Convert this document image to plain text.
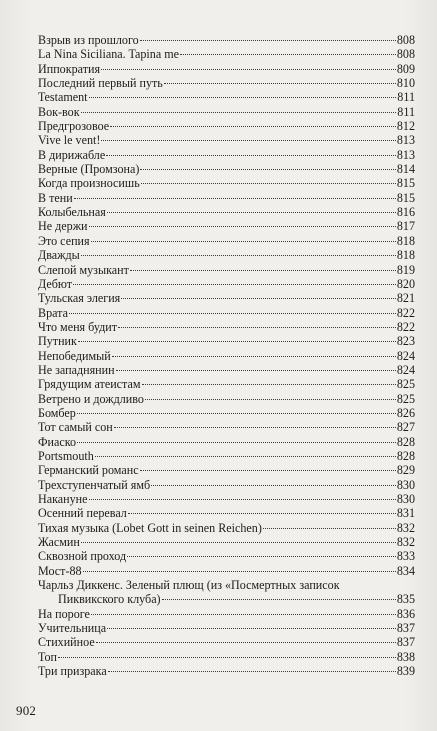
Взрыв из прошлого	808
La Nina Siciliana. Tapina me	808
Иппократия	809
Последний первый путь	810
Testament	811
Вок-вок	811
Предгрозовое	812
Vive le vent!	813
В дирижабле	813
Верные (Промзона)	814
Когда произносишь	815
В тени	815
Колыбельная	816
Не держи	817
Это сепия	818
Дважды	818
Слепой музыкант	819
Дебют	820
Тульская элегия	821
Врата	822
Что меня будит	822
Путник	823
Непобедимый	824
Не западнянин	824
Грядущим атеистам	825
Ветрено и дождливо	825
Бомбер	826
Тот самый сон	827
Фиаско	828
Portsmouth	828
Германский романс	829
Трехступенчатый ямб	830
Накануне	830
Осенний перевал	831
Тихая музыка (Lobet Gott in seinen Reichen)	832
Жасмин	832
Сквозной проход	833
Мост-88	834
Чарльз Диккенс. Зеленый плющ (из «Посмертных записок
Пиквикского клуба)	835
На пороге	836
Учительница	837
Стихийное	837
Топ	838
Три призрака	839
902
